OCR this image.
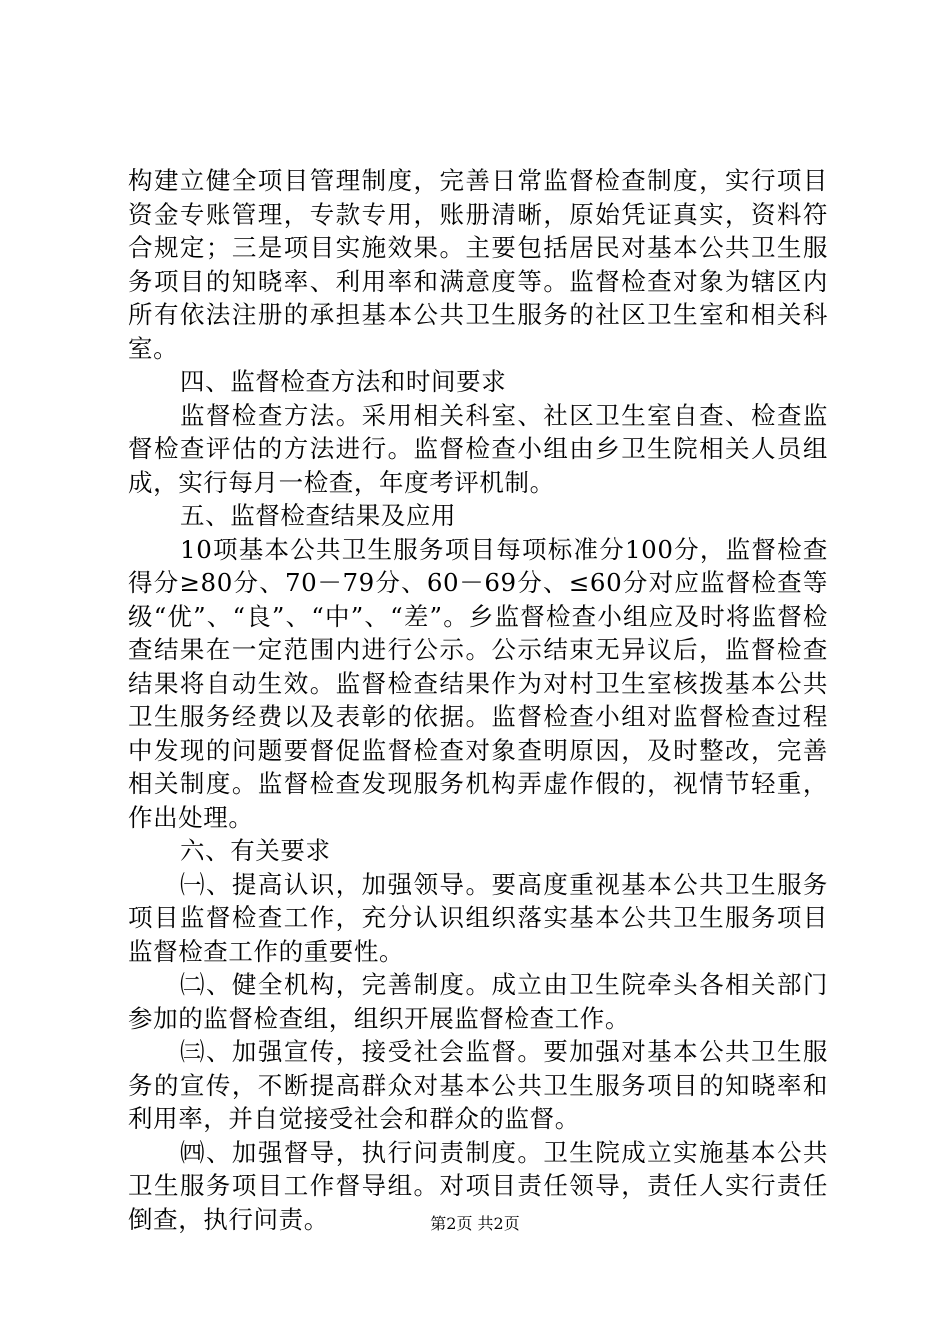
构建立健全项目管理制度，完善日常监督检查制度，实行项目资金专账管理，专款专用，账册清晰，原始凭证真实，资料符合规定；三是项目实施效果。主要包括居民对基本公共卫生服务项目的知晓率、利用率和满意度等。监督检查对象为辖区内所有依法注册的承担基本公共卫生服务的社区卫生室和相关科室。

四、监督检查方法和时间要求

监督检查方法。采用相关科室、社区卫生室自查、检查监督检查评估的方法进行。监督检查小组由乡卫生院相关人员组成，实行每月一检查，年度考评机制。

五、监督检查结果及应用

10项基本公共卫生服务项目每项标准分100分，监督检查得分≥80分、70－79分、60－69分、≤60分对应监督检查等级“优”、“良”、“中”、“差”。乡监督检查小组应及时将监督检查结果在一定范围内进行公示。公示结束无异议后，监督检查结果将自动生效。监督检查结果作为对村卫生室核拨基本公共卫生服务经费以及表彰的依据。监督检查小组对监督检查过程中发现的问题要督促监督检查对象查明原因，及时整改，完善相关制度。监督检查发现服务机构弄虚作假的，视情节轻重，作出处理。

六、有关要求

㈠、提高认识，加强领导。要高度重视基本公共卫生服务项目监督检查工作，充分认识组织落实基本公共卫生服务项目监督检查工作的重要性。

㈡、健全机构，完善制度。成立由卫生院牵头各相关部门参加的监督检查组，组织开展监督检查工作。

㈢、加强宣传，接受社会监督。要加强对基本公共卫生服务的宣传，不断提高群众对基本公共卫生服务项目的知晓率和利用率，并自觉接受社会和群众的监督。

㈣、加强督导，执行问责制度。卫生院成立实施基本公共卫生服务项目工作督导组。对项目责任领导，责任人实行责任倒查，执行问责。	第2页 共2页
